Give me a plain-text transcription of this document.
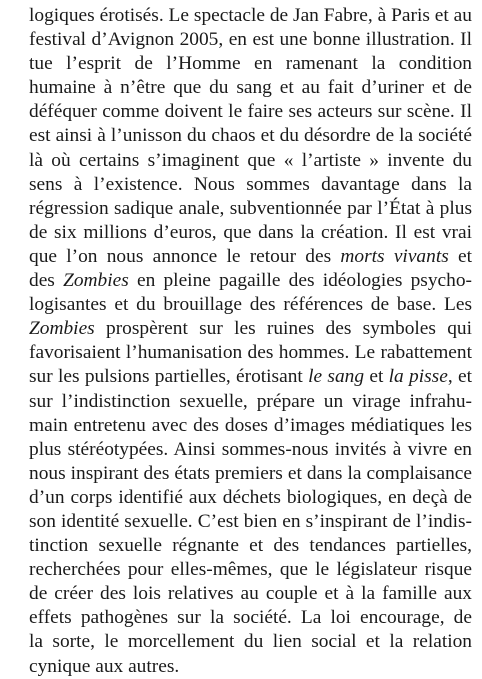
logiques érotisés. Le spectacle de Jan Fabre, à Paris et au
festival d’Avignon 2005, en est une bonne illustration. Il
tue l’esprit de l’Homme en ramenant la condition
humaine à n’être que du sang et au fait d’uriner et de
déféquer comme doivent le faire ses acteurs sur scène. Il
est ainsi à l’unisson du chaos et du désordre de la société
là où certains s’imaginent que « l’artiste » invente du
sens à l’existence. Nous sommes davantage dans la
régression sadique anale, subventionnée par l’État à plus
de six millions d’euros, que dans la création. Il est vrai
que l’on nous annonce le retour des morts vivants et
des Zombies en pleine pagaille des idéologies psycho-
logisantes et du brouillage des références de base. Les
Zombies prospèrent sur les ruines des symboles qui
favorisaient l’humanisation des hommes. Le rabattement
sur les pulsions partielles, érotisant le sang et la pisse, et
sur l’indistinction sexuelle, prépare un virage infrahu-
main entretenu avec des doses d’images médiatiques les
plus stéréotypées. Ainsi sommes-nous invités à vivre en
nous inspirant des états premiers et dans la complaisance
d’un corps identifié aux déchets biologiques, en deçà de
son identité sexuelle. C’est bien en s’inspirant de l’indis-
tinction sexuelle régnante et des tendances partielles,
recherchées pour elles-mêmes, que le législateur risque
de créer des lois relatives au couple et à la famille aux
effets pathogènes sur la société. La loi encourage, de
la sorte, le morcellement du lien social et la relation
cynique aux autres.
